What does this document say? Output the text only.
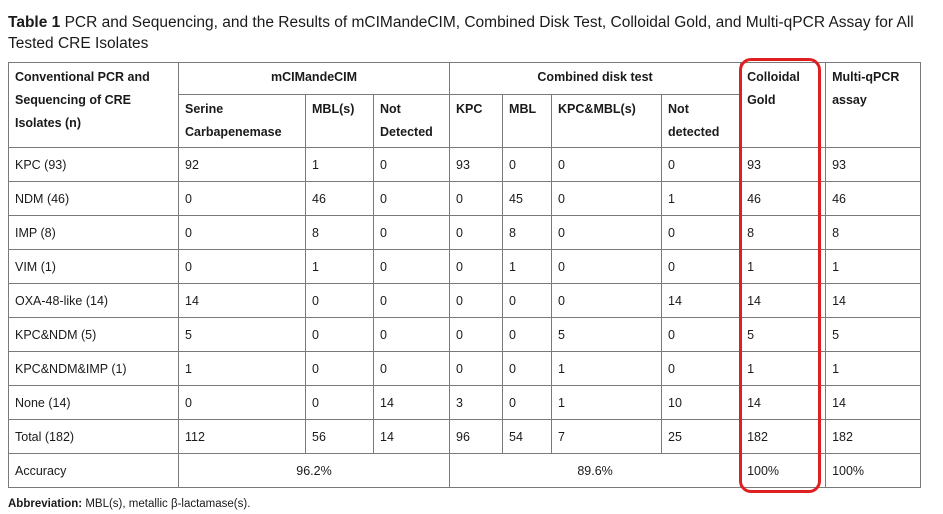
Table 1 PCR and Sequencing, and the Results of mCIMandeCIM, Combined Disk Test, Colloidal Gold, and Multi-qPCR Assay for All Tested CRE Isolates
Conventional PCR and Sequencing of CRE Isolates (n)	mCIMandeCIM			Combined disk test				Colloidal Gold	Multi-qPCR assay
	Serine Carbapenemase	MBL(s)	Not Detected	KPC	MBL	KPC&MBL(s)	Not detected		
KPC (93)	92	1	0	93	0	0	0	93	93
NDM (46)	0	46	0	0	45	0	1	46	46
IMP (8)	0	8	0	0	8	0	0	8	8
VIM (1)	0	1	0	0	1	0	0	1	1
OXA-48-like (14)	14	0	0	0	0	0	14	14	14
KPC&NDM (5)	5	0	0	0	0	5	0	5	5
KPC&NDM&IMP (1)	1	0	0	0	0	1	0	1	1
None (14)	0	0	14	3	0	1	10	14	14
Total (182)	112	56	14	96	54	7	25	182	182
Accuracy	96.2%			89.6%				100%	100%
Abbreviation: MBL(s), metallic β-lactamase(s).
